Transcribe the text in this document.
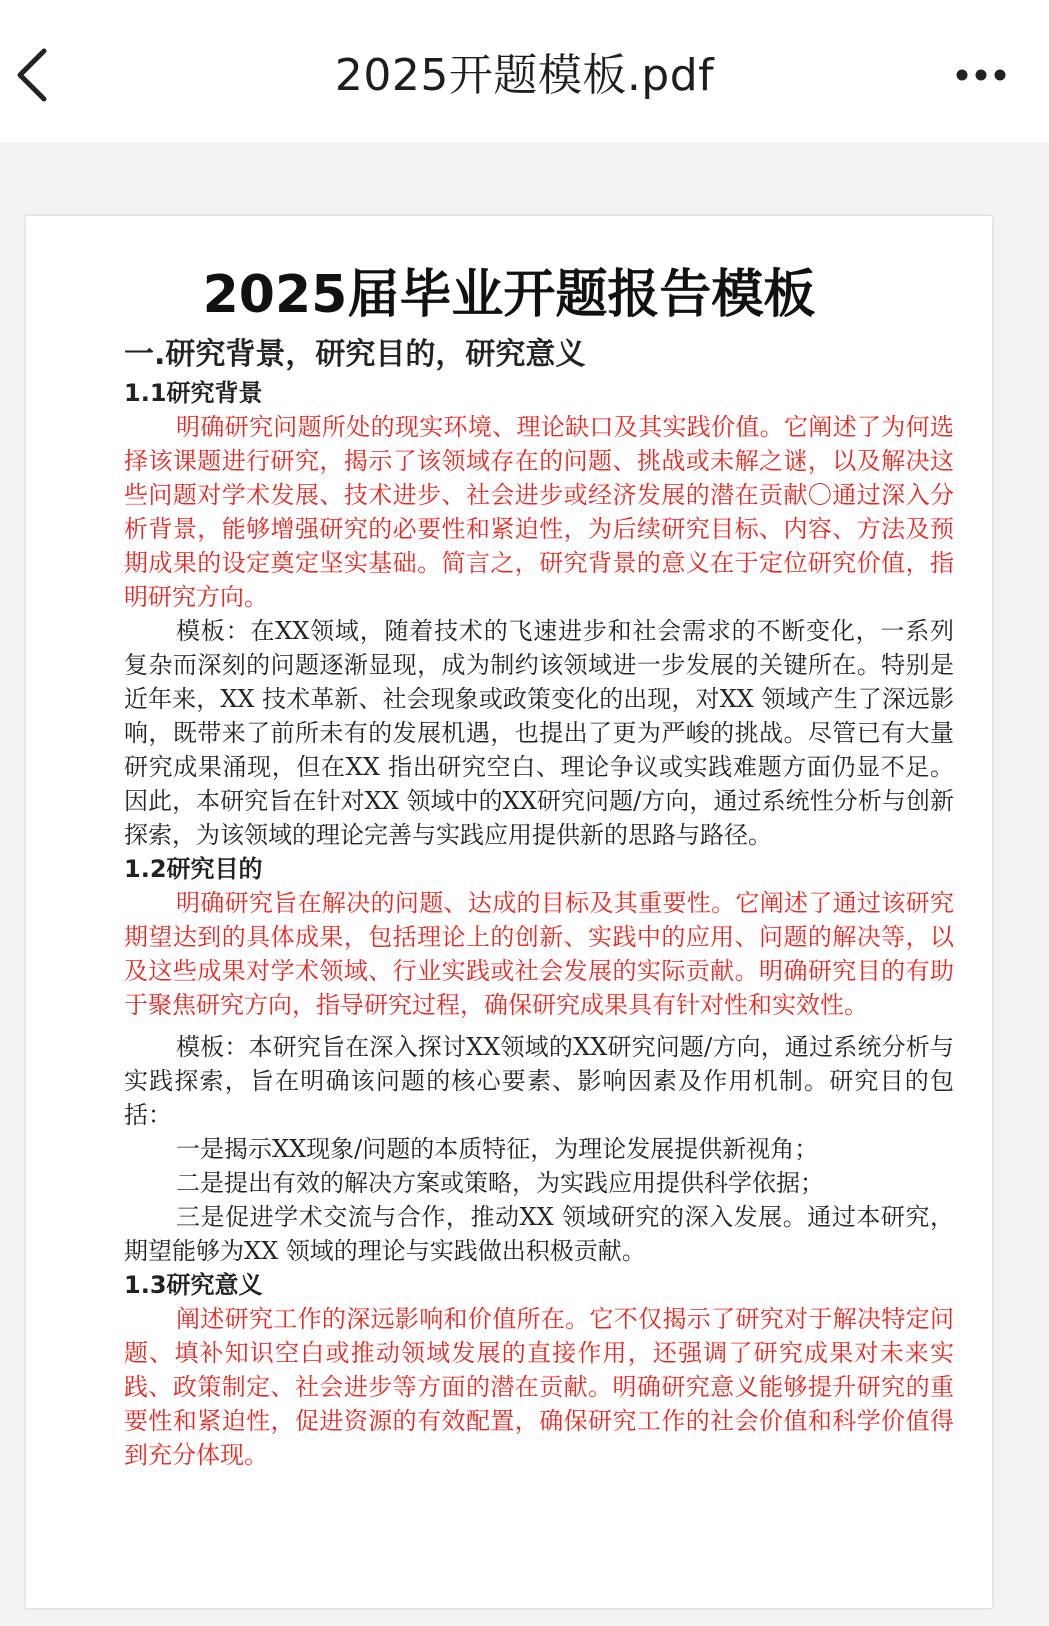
2025开题模板.pdf
2025届毕业开题报告模板
一.研究背景，研究目的，研究意义
1.1研究背景

明确研究问题所处的现实环境、理论缺口及其实践价值。它阐述了为何选择该课题进行研究，揭示了该领域存在的问题、挑战或未解之谜，以及解决这些问题对学术发展、技术进步、社会进步或经济发展的潜在贡献〇通过深入分析背景，能够增强研究的必要性和紧迫性，为后续研究目标、内容、方法及预期成果的设定奠定坚实基础。简言之，研究背景的意义在于定位研究价值，指明研究方向。

模板：在XX领域，随着技术的飞速进步和社会需求的不断变化，一系列复杂而深刻的问题逐渐显现，成为制约该领域进一步发展的关键所在。特别是近年来，XX 技术革新、社会现象或政策变化的出现，对XX 领域产生了深远影响，既带来了前所未有的发展机遇，也提出了更为严峻的挑战。尽管已有大量研究成果涌现，但在XX 指出研究空白、理论争议或实践难题方面仍显不足。因此，本研究旨在针对XX 领域中的XX研究问题/方向，通过系统性分析与创新探索，为该领域的理论完善与实践应用提供新的思路与路径。

1.2研究目的

明确研究旨在解决的问题、达成的目标及其重要性。它阐述了通过该研究期望达到的具体成果，包括理论上的创新、实践中的应用、问题的解决等，以及这些成果对学术领域、行业实践或社会发展的实际贡献。明确研究目的有助于聚焦研究方向，指导研究过程，确保研究成果具有针对性和实效性。

模板：本研究旨在深入探讨XX领域的XX研究问题/方向，通过系统分析与实践探索，旨在明确该问题的核心要素、影响因素及作用机制。研究目的包括：

一是揭示XX现象/问题的本质特征，为理论发展提供新视角；

二是提出有效的解决方案或策略，为实践应用提供科学依据；

三是促进学术交流与合作，推动XX 领域研究的深入发展。通过本研究，期望能够为XX 领域的理论与实践做出积极贡献。

1.3研究意义

阐述研究工作的深远影响和价值所在。它不仅揭示了研究对于解决特定问题、填补知识空白或推动领域发展的直接作用，还强调了研究成果对未来实践、政策制定、社会进步等方面的潜在贡献。明确研究意义能够提升研究的重要性和紧迫性，促进资源的有效配置，确保研究工作的社会价值和科学价值得到充分体现。
